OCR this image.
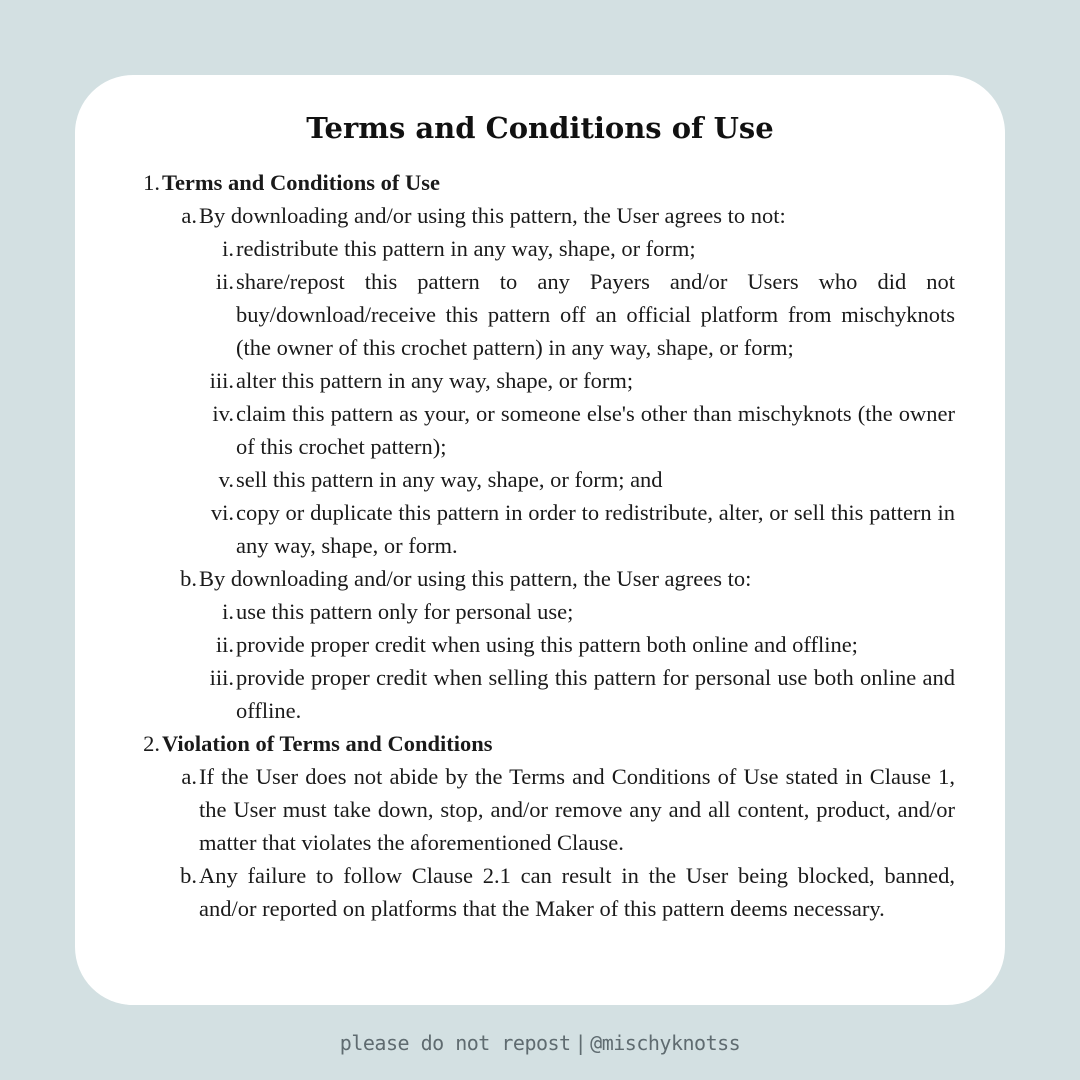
Terms and Conditions of Use
1. Terms and Conditions of Use
a. By downloading and/or using this pattern, the User agrees to not:
i. redistribute this pattern in any way, shape, or form;
ii. share/repost this pattern to any Payers and/or Users who did not buy/download/receive this pattern off an official platform from mischyknots (the owner of this crochet pattern) in any way, shape, or form;
iii. alter this pattern in any way, shape, or form;
iv. claim this pattern as your, or someone else's other than mischyknots (the owner of this crochet pattern);
v. sell this pattern in any way, shape, or form; and
vi. copy or duplicate this pattern in order to redistribute, alter, or sell this pattern in any way, shape, or form.
b. By downloading and/or using this pattern, the User agrees to:
i. use this pattern only for personal use;
ii. provide proper credit when using this pattern both online and offline;
iii. provide proper credit when selling this pattern for personal use both online and offline.
2. Violation of Terms and Conditions
a. If the User does not abide by the Terms and Conditions of Use stated in Clause 1, the User must take down, stop, and/or remove any and all content, product, and/or matter that violates the aforementioned Clause.
b. Any failure to follow Clause 2.1 can result in the User being blocked, banned, and/or reported on platforms that the Maker of this pattern deems necessary.
please do not repost | @mischyknotss
